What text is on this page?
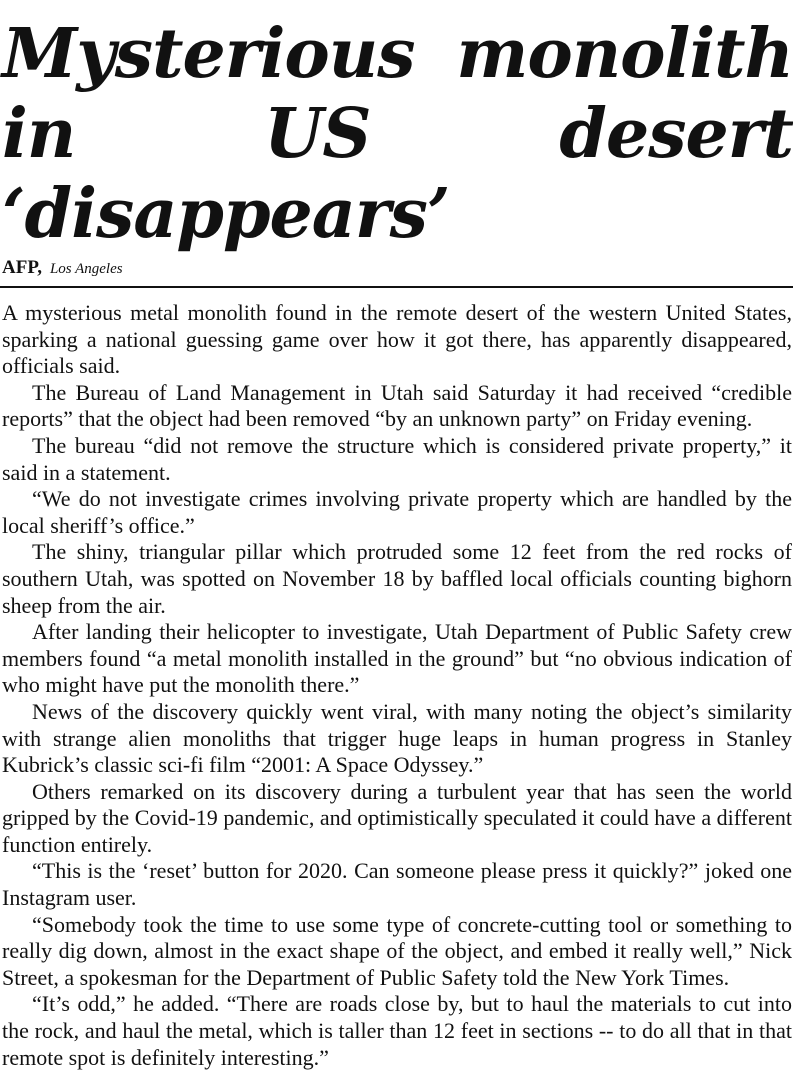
Mysterious monolith in US desert ‘disappears’
AFP, Los Angeles

A mysterious metal monolith found in the remote desert of the western United States, sparking a national guessing game over how it got there, has apparently disappeared, officials said.

The Bureau of Land Management in Utah said Saturday it had received “credible reports” that the object had been removed “by an unknown party” on Friday evening.

The bureau “did not remove the structure which is considered private property,” it said in a statement.

“We do not investigate crimes involving private property which are handled by the local sheriff’s office.”

The shiny, triangular pillar which protruded some 12 feet from the red rocks of southern Utah, was spotted on November 18 by baffled local officials counting bighorn sheep from the air.

After landing their helicopter to investigate, Utah Department of Public Safety crew members found “a metal monolith installed in the ground” but “no obvious indication of who might have put the monolith there.”

News of the discovery quickly went viral, with many noting the object’s similarity with strange alien monoliths that trigger huge leaps in human progress in Stanley Kubrick’s classic sci-fi film “2001: A Space Odyssey.”

Others remarked on its discovery during a turbulent year that has seen the world gripped by the Covid-19 pandemic, and optimistically speculated it could have a different function entirely.

“This is the ‘reset’ button for 2020. Can someone please press it quickly?” joked one Instagram user.

“Somebody took the time to use some type of concrete-cutting tool or something to really dig down, almost in the exact shape of the object, and embed it really well,” Nick Street, a spokesman for the Department of Public Safety told the New York Times.

“It’s odd,” he added. “There are roads close by, but to haul the materials to cut into the rock, and haul the metal, which is taller than 12 feet in sections -- to do all that in that remote spot is definitely interesting.”
